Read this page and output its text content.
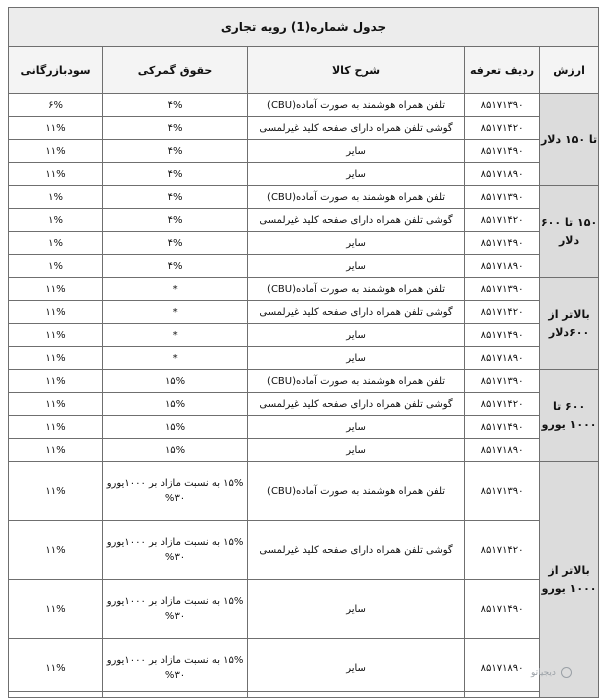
جدول شماره(1) رویه تجاری				
ارزش	ردیف تعرفه	شرح کالا	حقوق گمرکی	سودبازرگانی
تا ۱۵۰ دلار	۸۵۱۷۱۳۹۰	تلفن همراه هوشمند به صورت آماده(CBU)	۴%	۶%
	۸۵۱۷۱۴۲۰	گوشی تلفن همراه دارای صفحه کلید غیرلمسی	۴%	۱۱%
	۸۵۱۷۱۴۹۰	سایر	۴%	۱۱%
	۸۵۱۷۱۸۹۰	سایر	۴%	۱۱%
۱۵۰ تا ۶۰۰ دلار	۸۵۱۷۱۳۹۰	تلفن همراه هوشمند به صورت آماده(CBU)	۴%	۱%
	۸۵۱۷۱۴۲۰	گوشی تلفن همراه دارای صفحه کلید غیرلمسی	۴%	۱%
	۸۵۱۷۱۴۹۰	سایر	۴%	۱%
	۸۵۱۷۱۸۹۰	سایر	۴%	۱%
بالاتر از ۶۰۰دلار	۸۵۱۷۱۳۹۰	تلفن همراه هوشمند به صورت آماده(CBU)	*	۱۱%
	۸۵۱۷۱۴۲۰	گوشی تلفن همراه دارای صفحه کلید غیرلمسی	*	۱۱%
	۸۵۱۷۱۴۹۰	سایر	*	۱۱%
	۸۵۱۷۱۸۹۰	سایر	*	۱۱%
۶۰۰ تا ۱۰۰۰ یورو	۸۵۱۷۱۳۹۰	تلفن همراه هوشمند به صورت آماده(CBU)	۱۵%	۱۱%
	۸۵۱۷۱۴۲۰	گوشی تلفن همراه دارای صفحه کلید غیرلمسی	۱۵%	۱۱%
	۸۵۱۷۱۴۹۰	سایر	۱۵%	۱۱%
	۸۵۱۷۱۸۹۰	سایر	۱۵%	۱۱%
بالاتر از ۱۰۰۰ یورو	۸۵۱۷۱۳۹۰	تلفن همراه هوشمند به صورت آماده(CBU)	۱۵% به نسبت مازاد بر ۱۰۰۰یورو ۳۰%	۱۱%
	۸۵۱۷۱۴۲۰	گوشی تلفن همراه دارای صفحه کلید غیرلمسی	۱۵% به نسبت مازاد بر ۱۰۰۰یورو ۳۰%	۱۱%
	۸۵۱۷۱۴۹۰	سایر	۱۵% به نسبت مازاد بر ۱۰۰۰یورو ۳۰%	۱۱%
	۸۵۱۷۱۸۹۰	سایر	۱۵% به نسبت مازاد بر ۱۰۰۰یورو ۳۰%	۱۱%	دیجیاتو
